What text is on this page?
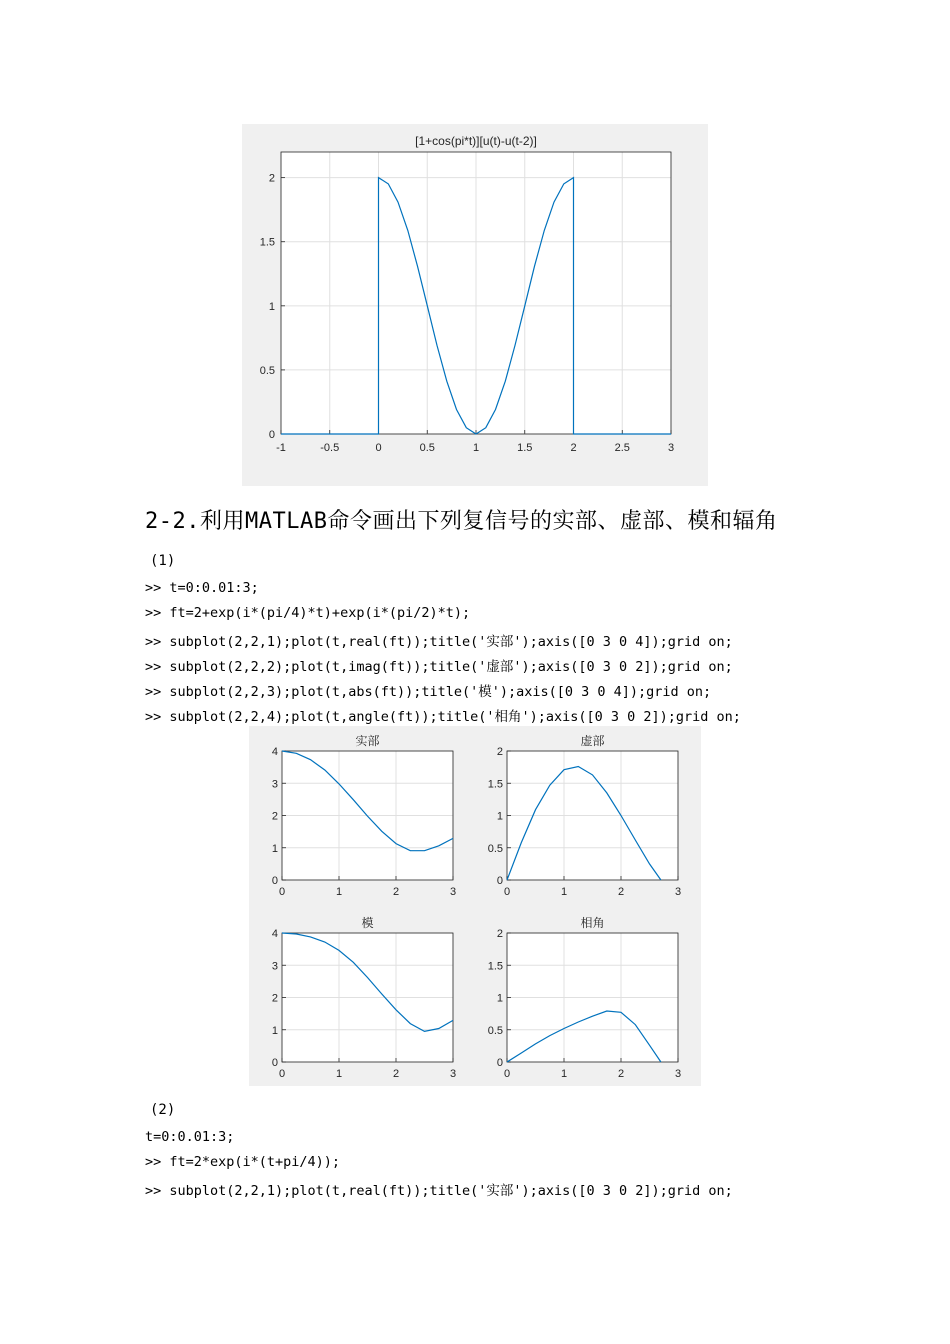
-1	-0.5	0	0.5	1	1.5	2	2.5	3
0
0.5
1
1.5
2
[1+cos(pi*t)][u(t)-u(t-2)]
2-2.利用MATLAB命令画出下列复信号的实部、虚部、模和辐角
(1)
>> t=0:0.01:3;
>> ft=2+exp(i*(pi/4)*t)+exp(i*(pi/2)*t);
>> subplot(2,2,1);plot(t,real(ft));title('实部');axis([0 3 0 4]);grid on;
>> subplot(2,2,2);plot(t,imag(ft));title('虚部');axis([0 3 0 2]);grid on;
>> subplot(2,2,3);plot(t,abs(ft));title('模');axis([0 3 0 4]);grid on;
>> subplot(2,2,4);plot(t,angle(ft));title('相角');axis([0 3 0 2]);grid on;
0	1	2	3
0
1
2
3
4
实部
0	1	2	3
0
0.5
1
1.5
2
虚部
0	1	2	3
0
1
2
3
4
模
0	1	2	3
0
0.5
1
1.5
2
相角
(2)
t=0:0.01:3;
>> ft=2*exp(i*(t+pi/4));
>> subplot(2,2,1);plot(t,real(ft));title('实部');axis([0 3 0 2]);grid on;
